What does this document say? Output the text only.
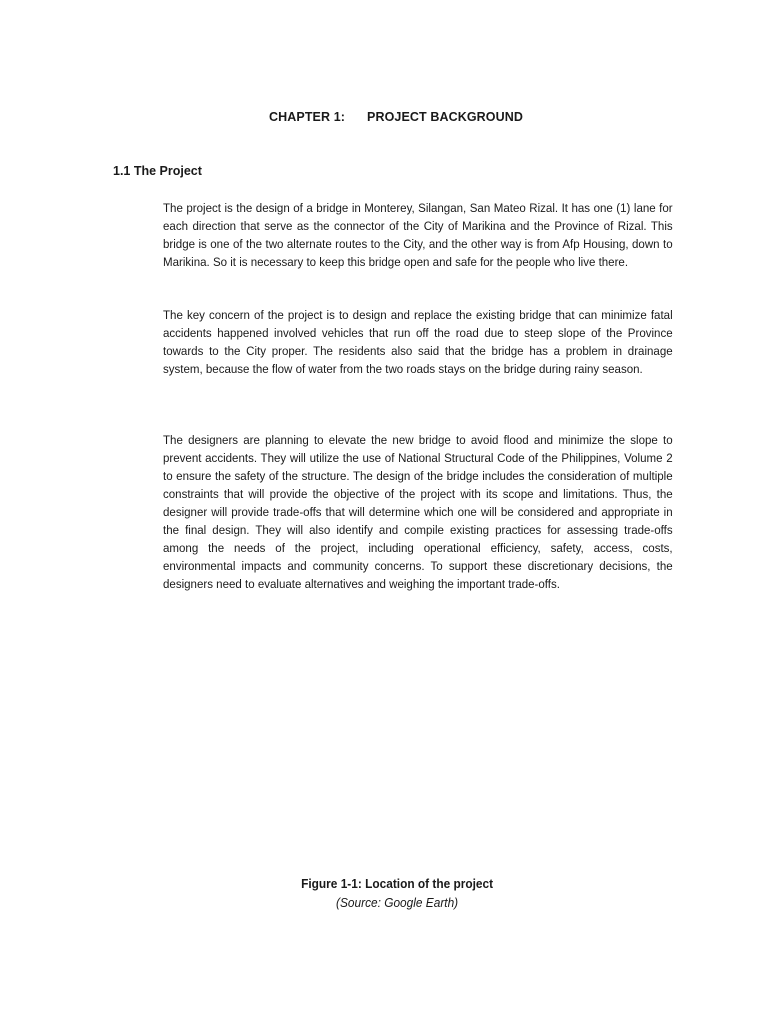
CHAPTER 1: PROJECT BACKGROUND
1.1 The Project
The project is the design of a bridge in Monterey, Silangan, San Mateo Rizal. It has one (1) lane for each direction that serve as the connector of the City of Marikina and the Province of Rizal. This bridge is one of the two alternate routes to the City, and the other way is from Afp Housing, down to Marikina. So it is necessary to keep this bridge open and safe for the people who live there.
The key concern of the project is to design and replace the existing bridge that can minimize fatal accidents happened involved vehicles that run off the road due to steep slope of the Province towards to the City proper. The residents also said that the bridge has a problem in drainage system, because the flow of water from the two roads stays on the bridge during rainy season.
The designers are planning to elevate the new bridge to avoid flood and minimize the slope to prevent accidents. They will utilize the use of National Structural Code of the Philippines, Volume 2 to ensure the safety of the structure. The design of the bridge includes the consideration of multiple constraints that will provide the objective of the project with its scope and limitations. Thus, the designer will provide trade-offs that will determine which one will be considered and appropriate in the final design. They will also identify and compile existing practices for assessing trade-offs among the needs of the project, including operational efficiency, safety, access, costs, environmental impacts and community concerns. To support these discretionary decisions, the designers need to evaluate alternatives and weighing the important trade-offs.
Figure 1-1: Location of the project
(Source: Google Earth)
